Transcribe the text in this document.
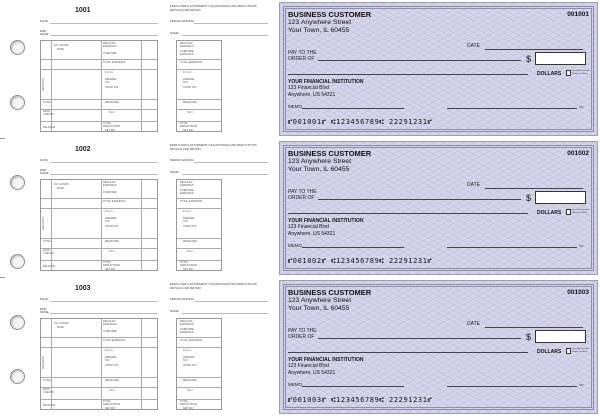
1001
DATE
EMP NAME
PERIOD ENDING
EMPLOYEE'S STATEMENT OF EARNINGS AND DEDUCTIONS DETACH AND RETAIN
NAME
NO. HOURS
RATE
REGULAR EARNINGS
OVERTIME
TOTAL EARNINGS
DEPOSITS
F.I.C.A.
FEDERAL TAX
STATE TAX
MEDICARE
TOTAL
S.D.I.
LESS CHECKS
TOTAL DEDUCTIONS
BALANCE
NET PAY
REGULAR EARNINGS
OVERTIME EARNINGS
TOTAL EARNINGS
F.I.C.A.
FEDERAL TAX
STATE TAX
MEDICARE
S.D.I.
TOTAL DEDUCTIONS
NET PAY
BUSINESS CUSTOMER
123 Anywhere Street
Your Town, IL 60455
001001
DATE
PAY TO THE
ORDER OF	$
DOLLARS	Security Features Details on Back
YOUR FINANCIAL INSTITUTION
123 Financial Blvd
Anywhere, US 54321
MEMO	MP
⑈001001⑈ ⑆123456789⑆ 22291231⑈
1002
DATE
EMP NAME
PERIOD ENDING
EMPLOYEE'S STATEMENT OF EARNINGS AND DEDUCTIONS DETACH AND RETAIN
NAME
NO. HOURS
RATE
REGULAR EARNINGS
OVERTIME
TOTAL EARNINGS
DEPOSITS
F.I.C.A.
FEDERAL TAX
STATE TAX
MEDICARE
TOTAL
S.D.I.
LESS CHECKS
TOTAL DEDUCTIONS
BALANCE
NET PAY
REGULAR EARNINGS
OVERTIME EARNINGS
TOTAL EARNINGS
F.I.C.A.
FEDERAL TAX
STATE TAX
MEDICARE
S.D.I.
TOTAL DEDUCTIONS
NET PAY
BUSINESS CUSTOMER
123 Anywhere Street
Your Town, IL 60455
001002
DATE
PAY TO THE
ORDER OF	$
DOLLARS	Security Features Details on Back
YOUR FINANCIAL INSTITUTION
123 Financial Blvd
Anywhere, US 54321
MEMO	MP
⑈001002⑈ ⑆123456789⑆ 22291231⑈
1003
DATE
EMP NAME
PERIOD ENDING
EMPLOYEE'S STATEMENT OF EARNINGS AND DEDUCTIONS DETACH AND RETAIN
NAME
NO. HOURS
RATE
REGULAR EARNINGS
OVERTIME
TOTAL EARNINGS
DEPOSITS
F.I.C.A.
FEDERAL TAX
STATE TAX
MEDICARE
TOTAL
S.D.I.
LESS CHECKS
TOTAL DEDUCTIONS
BALANCE
NET PAY
REGULAR EARNINGS
OVERTIME EARNINGS
TOTAL EARNINGS
F.I.C.A.
FEDERAL TAX
STATE TAX
MEDICARE
S.D.I.
TOTAL DEDUCTIONS
NET PAY
BUSINESS CUSTOMER
123 Anywhere Street
Your Town, IL 60455
001003
DATE
PAY TO THE
ORDER OF	$
DOLLARS	Security Features Details on Back
YOUR FINANCIAL INSTITUTION
123 Financial Blvd
Anywhere, US 54321
MEMO	MP
⑈001003⑈ ⑆123456789⑆ 22291231⑈
